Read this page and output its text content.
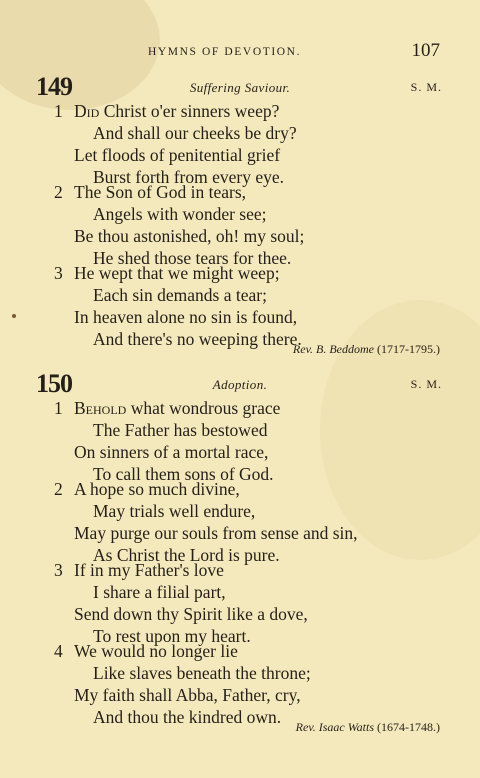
HYMNS OF DEVOTION.	107
149	Suffering Saviour.	S. M.
1 Did Christ o'er sinners weep?
And shall our cheeks be dry?
Let floods of penitential grief
Burst forth from every eye.
2 The Son of God in tears,
Angels with wonder see;
Be thou astonished, oh! my soul;
He shed those tears for thee.
3 He wept that we might weep;
Each sin demands a tear;
In heaven alone no sin is found,
And there's no weeping there.
Rev. B. Beddome (1717-1795.)
150	Adoption.	S. M.
1 Behold what wondrous grace
The Father has bestowed
On sinners of a mortal race,
To call them sons of God.
2 A hope so much divine,
May trials well endure,
May purge our souls from sense and sin,
As Christ the Lord is pure.
3 If in my Father's love
I share a filial part,
Send down thy Spirit like a dove,
To rest upon my heart.
4 We would no longer lie
Like slaves beneath the throne;
My faith shall Abba, Father, cry,
And thou the kindred own. Rev. Isaac Watts (1674-1748.)
